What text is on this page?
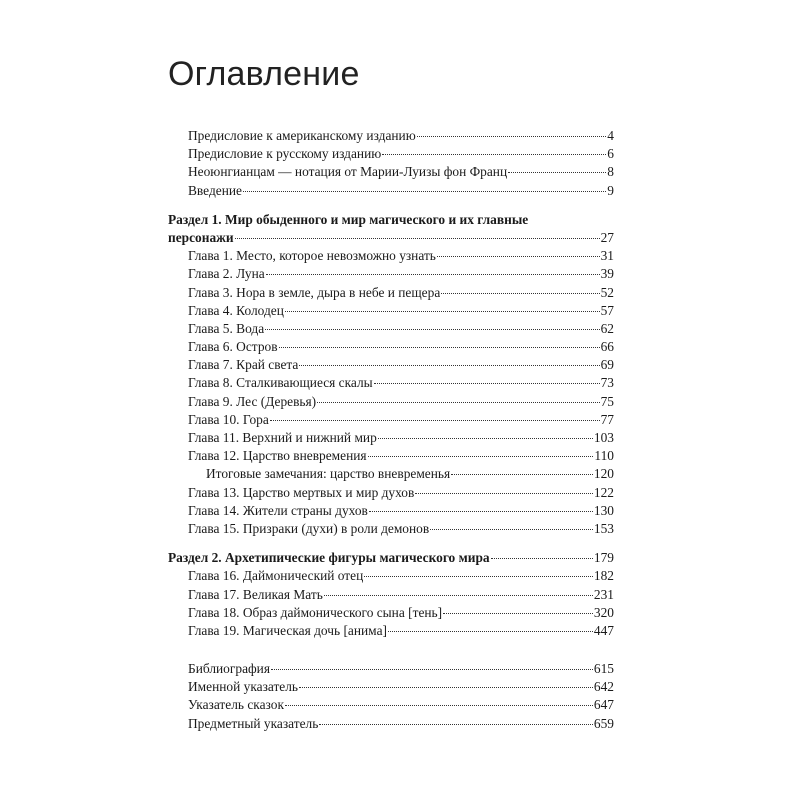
Оглавление
Предисловие к американскому изданию	4
Предисловие к русскому изданию	6
Неоюнгианцам — нотация от Марии-Луизы фон Франц	8
Введение	9
Раздел 1. Мир обыденного и мир магического и их главные
персонажи	27
Глава 1. Место, которое невозможно узнать	31
Глава 2. Луна	39
Глава 3. Нора в земле, дыра в небе и пещера	52
Глава 4. Колодец	57
Глава 5. Вода	62
Глава 6. Остров	66
Глава 7. Край света	69
Глава 8. Сталкивающиеся скалы	73
Глава 9. Лес (Деревья)	75
Глава 10. Гора	77
Глава 11. Верхний и нижний мир	103
Глава 12. Царство вневремения	110
Итоговые замечания: царство вневременья	120
Глава 13. Царство мертвых и мир духов	122
Глава 14. Жители страны духов	130
Глава 15. Призраки (духи) в роли демонов	153
Раздел 2. Архетипические фигуры магического мира	179
Глава 16. Даймонический отец	182
Глава 17. Великая Мать	231
Глава 18. Образ даймонического сына [тень]	320
Глава 19. Магическая дочь [анима]	447
Библиография	615
Именной указатель	642
Указатель сказок	647
Предметный указатель	659
